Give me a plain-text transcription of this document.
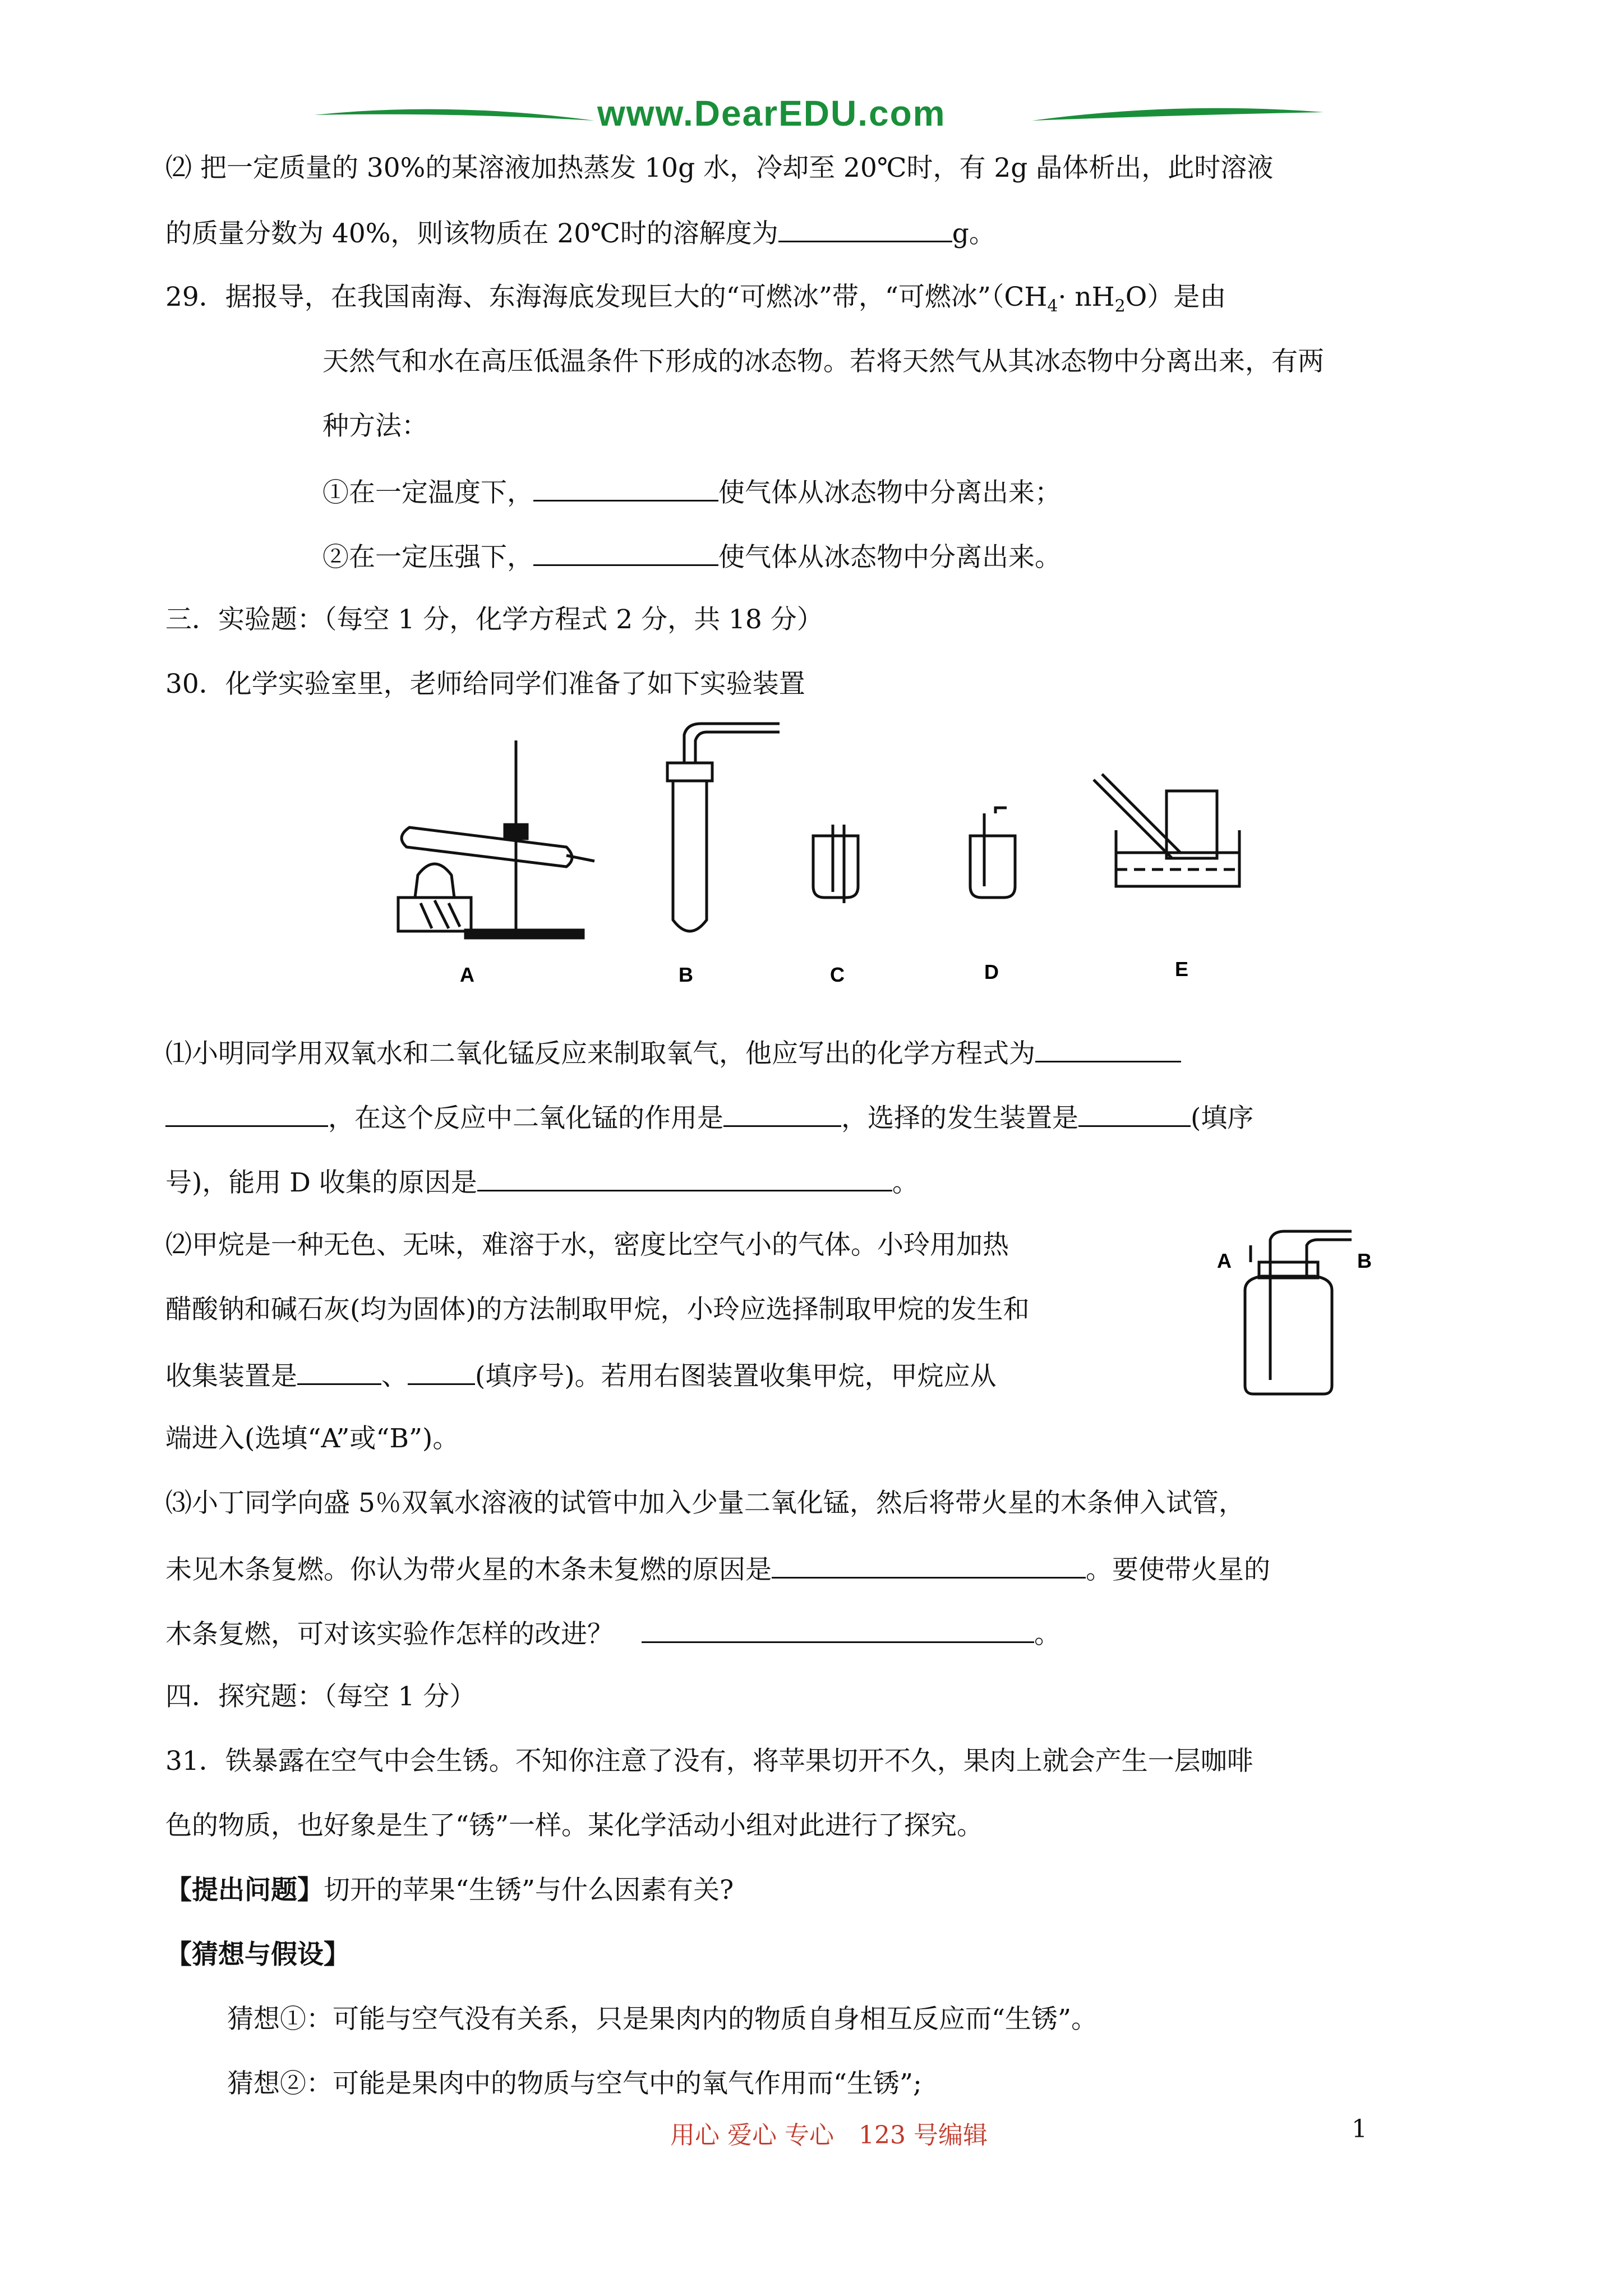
www.DearEDU.com
⑵ 把一定质量的 30%的某溶液加热蒸发 10g 水，冷却至 20℃时，有 2g 晶体析出，此时溶液
的质量分数为 40%，则该物质在 20℃时的溶解度为	g。
29．据报导，在我国南海、东海海底发现巨大的“可燃冰”带，“可燃冰$”(CH_4\cdot nH_2O)$是由
天然气和水在高压低温条件下形成的冰态物。若将天然气从其冰态物中分离出来，有两
种方法：
①在一定温度下，	使气体从冰态物中分离出来；
②在一定压强下，	使气体从冰态物中分离出来。
三．实验题：（每空 1 分，化学方程式 2 分，共 18 分）
30．化学实验室里，老师给同学们准备了如下实验装置
A	B	C	D	E
⑴小明同学用双氧水和二氧化锰反应来制取氧气，他应写出的化学方程式为
，在这个反应中二氧化锰的作用是	，选择的发生装置是	(填序
号)，能用 D 收集的原因是	。
⑵甲烷是一种无色、无味，难溶于水，密度比空气小的气体。小玲用加热
醋酸钠和碱石灰(均为固体)的方法制取甲烷，小玲应选择制取甲烷的发生和
收集装置是	、	(填序号)。若用右图装置收集甲烷，甲烷应从
端进入(选填“A”或“B”)。
A	B
⑶小丁同学向盛 5％双氧水溶液的试管中加入少量二氧化锰，然后将带火星的木条伸入试管，
未见木条复燃。你认为带火星的木条未复燃的原因是	。要使带火星的
木条复燃，可对该实验作怎样的改进？	。
四．探究题：（每空 1 分）
31．铁暴露在空气中会生锈。不知你注意了没有，将苹果切开不久，果肉上就会产生一层咖啡
色的物质，也好象是生了“锈”一样。某化学活动小组对此进行了探究。
【提出问题】切开的苹果“生锈”与什么因素有关?
【猜想与假设】
猜想①：可能与空气没有关系，只是果肉内的物质自身相互反应而“生锈”。
猜想②：可能是果肉中的物质与空气中的氧气作用而“生锈”;
用心 爱心 专心　123 号编辑	1
